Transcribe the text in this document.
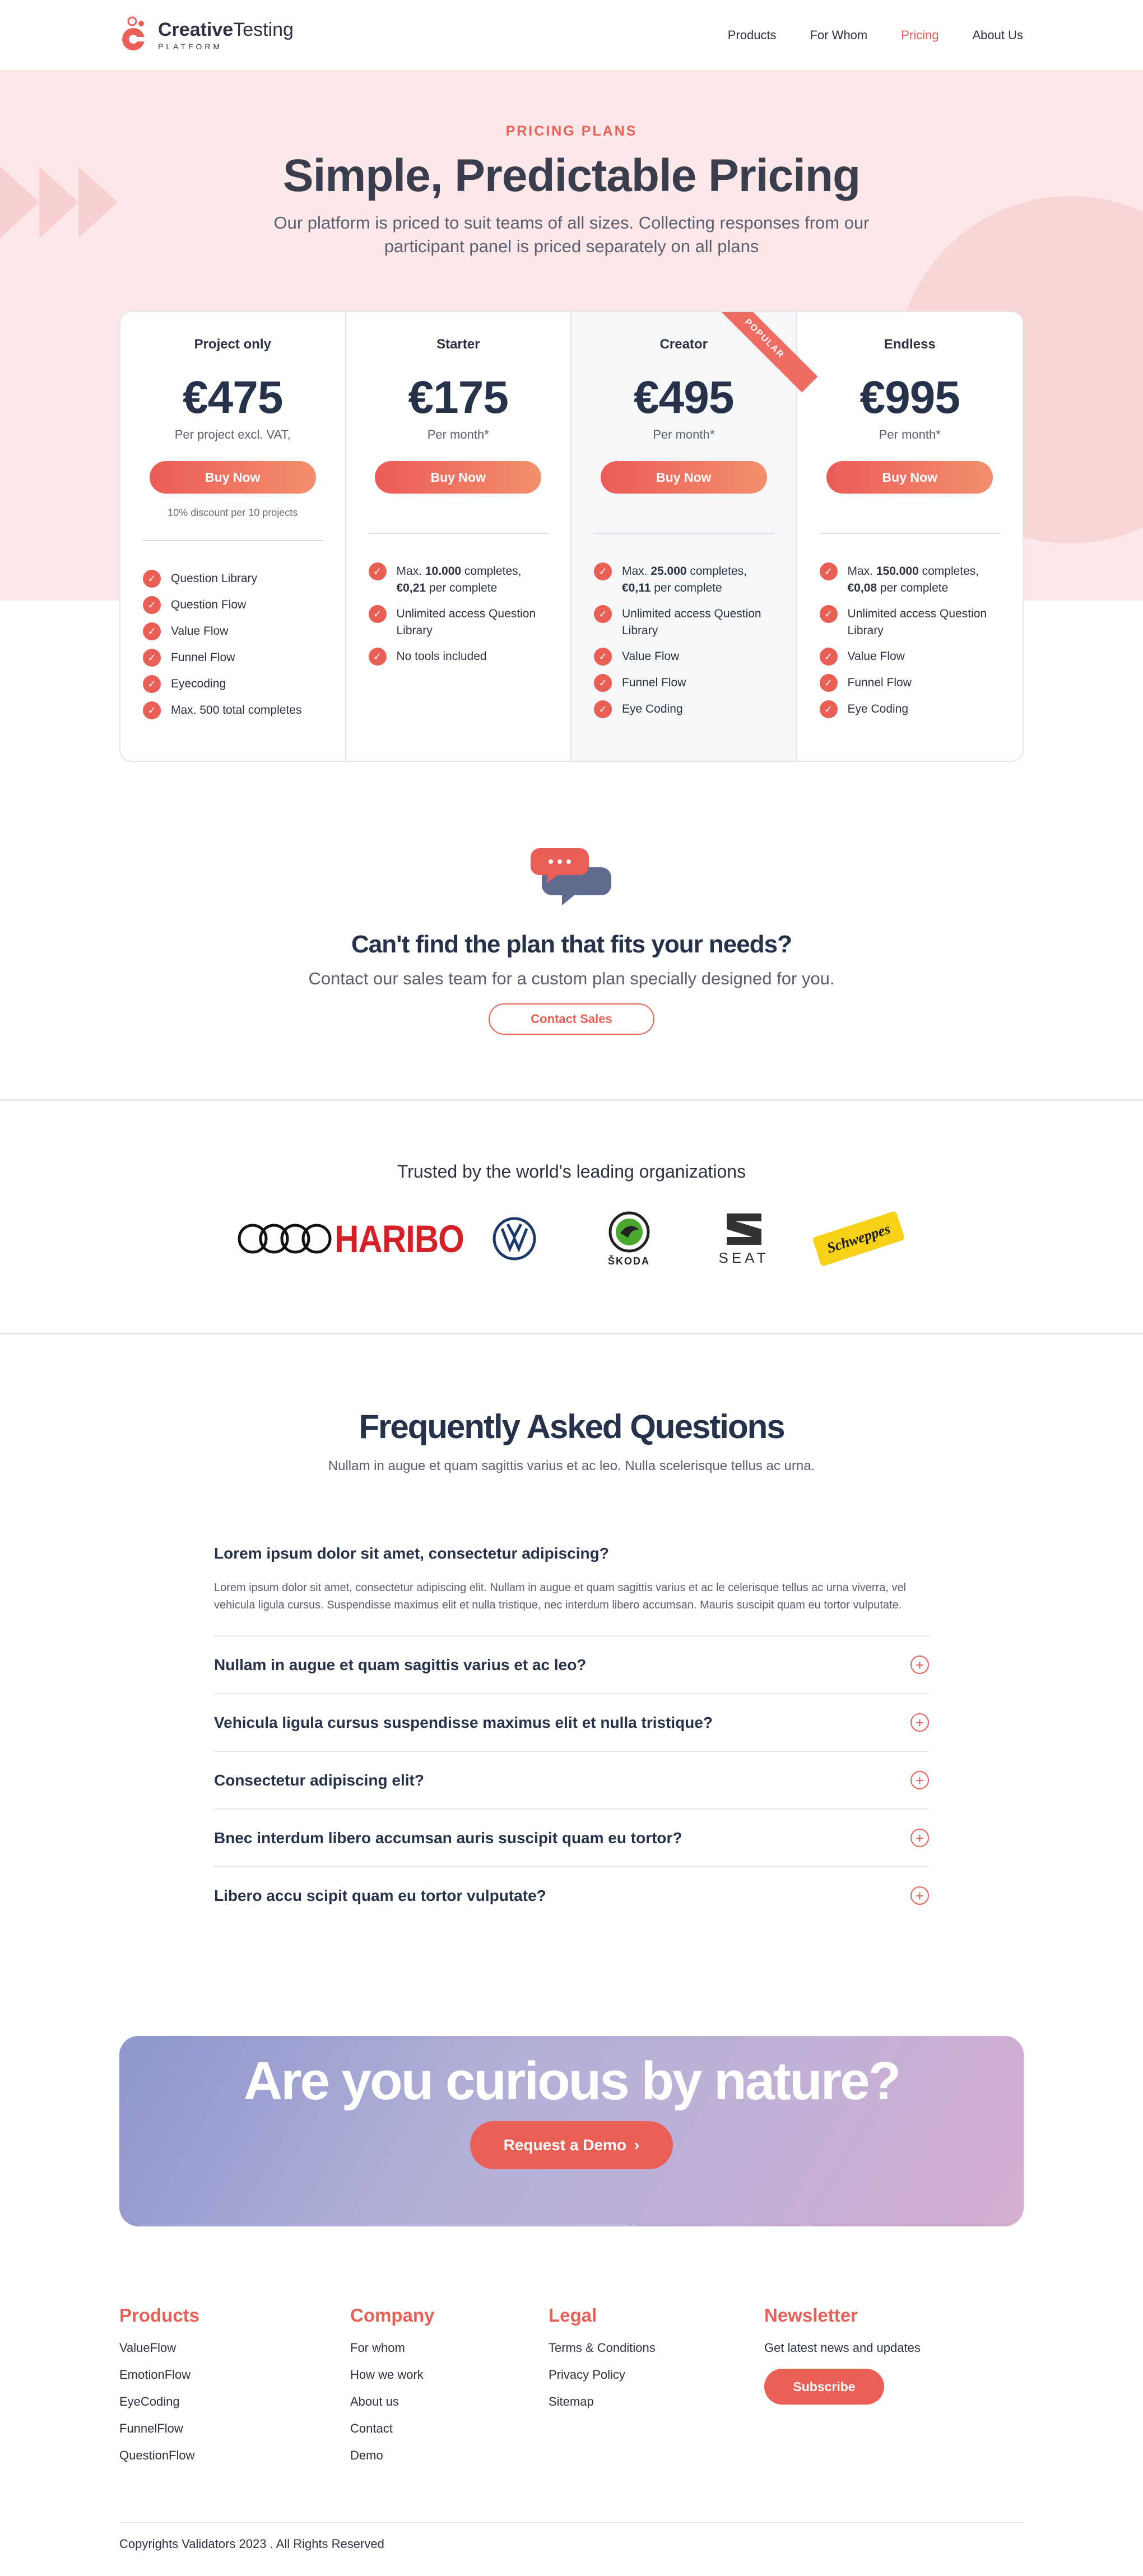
CreativeTesting
PLATFORM
Products	For Whom	Pricing	About Us
PRICING PLANS
Simple, Predictable Pricing

Our platform is priced to suit teams of all sizes. Collecting responses from our participant panel is priced separately on all plans

Project only
€475
Per project excl. VAT,
Buy Now
10% discount per 10 projects
✓	Question Library
✓	Question Flow
✓	Value Flow
✓	Funnel Flow
✓	Eyecoding
✓	Max. 500 total completes
Starter
€175
Per month*
Buy Now
✓	Max. 10.000 completes, €0,21 per complete
✓	Unlimited access Question Library
✓	No tools included
POPULAR
Creator
€495
Per month*
Buy Now
✓	Max. 25.000 completes, €0,11 per complete
✓	Unlimited access Question Library
✓	Value Flow
✓	Funnel Flow
✓	Eye Coding
Endless
€995
Per month*
Buy Now
✓	Max. 150.000 completes, €0,08 per complete
✓	Unlimited access Question Library
✓	Value Flow
✓	Funnel Flow
✓	Eye Coding
Can't find the plan that fits your needs?

Contact our sales team for a custom plan specially designed for you.

Contact Sales
Trusted by the world's leading organizations
HARIBO
ŠKODA	SEAT
Schweppes
Frequently Asked Questions
Nullam in augue et quam sagittis varius et ac leo. Nulla scelerisque tellus ac urna.
Lorem ipsum dolor sit amet, consectetur adipiscing?
Lorem ipsum dolor sit amet, consectetur adipiscing elit. Nullam in augue et quam sagittis varius et ac le celerisque tellus ac urna viverra, vel vehicula ligula cursus. Suspendisse maximus elit et nulla tristique, nec interdum libero accumsan. Mauris suscipit quam eu tortor vulputate.
Nullam in augue et quam sagittis varius et ac leo?	+
Vehicula ligula cursus suspendisse maximus elit et nulla tristique?	+
Consectetur adipiscing elit?	+
Bnec interdum libero accumsan auris suscipit quam eu tortor?	+
Libero accu scipit quam eu tortor vulputate?	+
Are you curious by nature?
Request a Demo ›
Products
ValueFlow
EmotionFlow
EyeCoding
FunnelFlow
QuestionFlow
Company
For whom
How we work
About us
Contact
Demo
Legal
Terms & Conditions
Privacy Policy
Sitemap
Newsletter
Get latest news and updates
Subscribe
Copyrights Validators 2023 . All Rights Reserved
